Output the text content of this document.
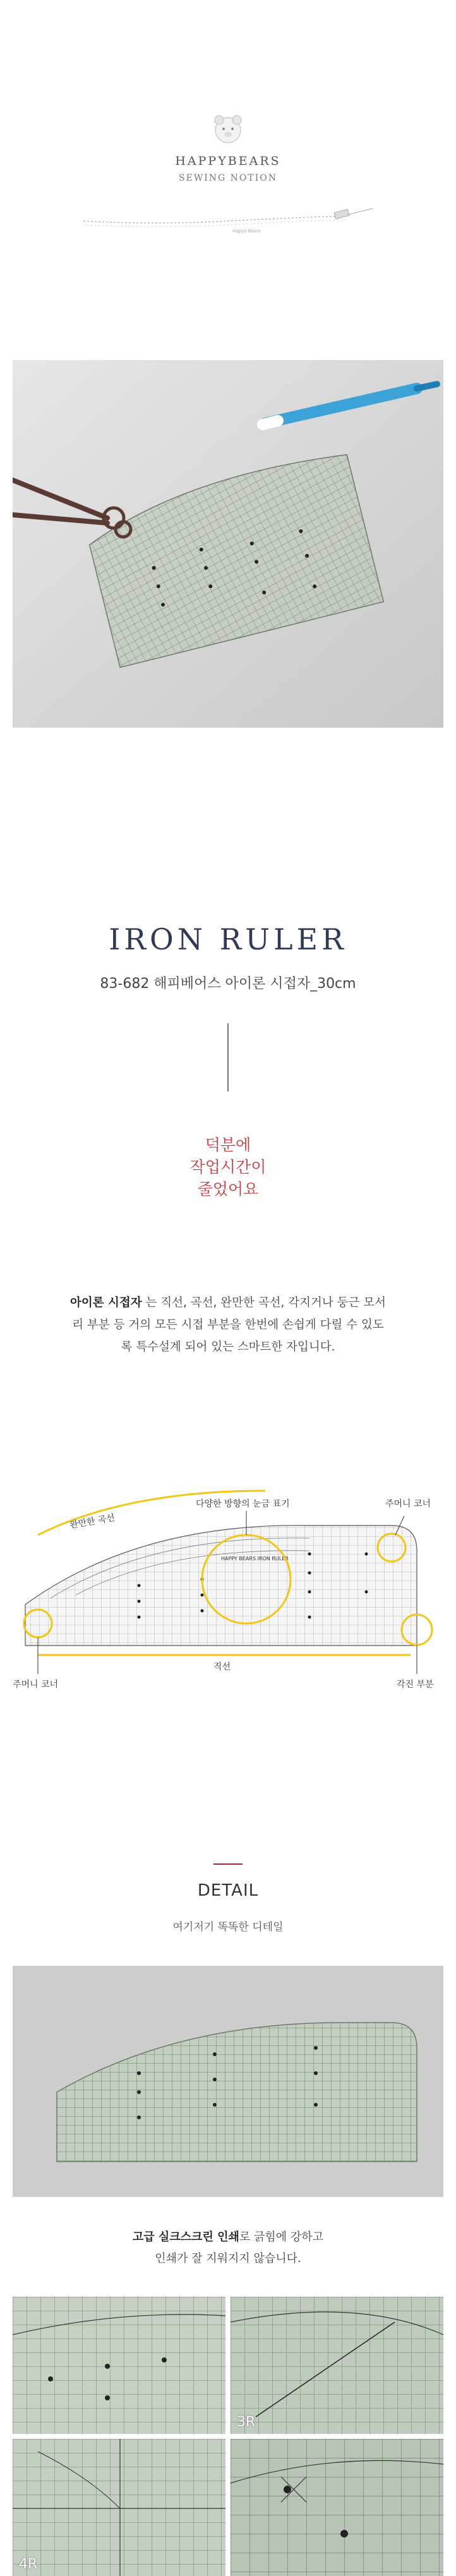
HAPPYBEARS
SEWING NOTION
Happy Bears
IRON RULER
83-682 해피베어스 아이론 시접자_30cm
덕분에
작업시간이
줄었어요
아이론 시접자 는 직선, 곡선, 완만한 곡선, 각지거나 둥근 모서리 부분 등 거의 모든 시접 부분을 한번에 손쉽게 다릴 수 있도록 특수설계 되어 있는 스마트한 자입니다.
HAPPY BEARS IRON RULER
완만한 곡선
다양한 방향의 눈금 표기	주머니 코너
주머니 코너
직선
각진 부분
DETAIL
여기저기 똑똑한 디테일
고급 실크스크린 인쇄로 긁힘에 강하고
인쇄가 잘 지워지지 않습니다.
3R
4R
